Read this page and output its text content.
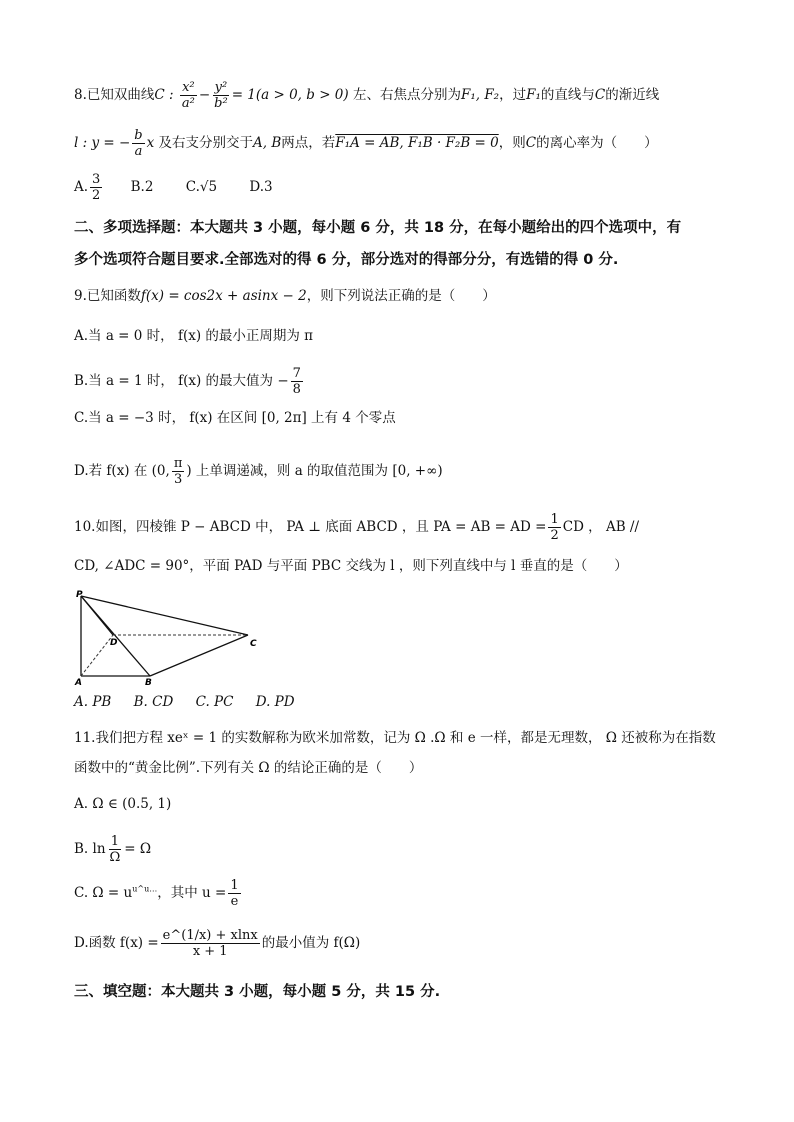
8.已知双曲线C : $\frac{\text{x²}}{\text{a²}} - \frac{\text{y²}}{\text{b²}} = 1(a > 0$, b > 0) 左、右焦点分别为F₁, F₂，过F₁的直线与C的渐近线
l : y = − $\frac{b}{a}$ x 及右支分别交于A, B两点，若F₁A = AB, F₁B · F₂B = 0，则C的离心率为（　　）
A. $\frac{3}{2} B.2$ C.√5 D.3
二、多项选择题：本大题共 3 小题，每小题 6 分，共 18 分，在每小题给出的四个选项中，有
多个选项符合题目要求.全部选对的得 6 分，部分选对的得部分分，有选错的得 0 分.
9.已知函数f(x) = cos2x + asinx − 2，则下列说法正确的是（　　）
A.当 a = 0 时， f(x) 的最小正周期为 π
B.当 a = 1 时， f(x) 的最大值为 − $\frac{7}{8}$
C.当 a = −3 时， f(x) 在区间 [0, 2π] 上有 4 个零点
D.若 f(x) 在 (0, $\frac{\pi}{3}$ ) 上单调递减，则 a 的取值范围为 [0, +∞)
10.如图，四棱锥 P − ABCD 中， PA ⊥ 底面 ABCD ，且 PA = AB = AD = $\frac{1}{2}$ CD ， AB //
CD, ∠ADC = 90°，平面 PAD 与平面 PBC 交线为 l ，则下列直线中与 l 垂直的是（　　）
P
D	C
A	B
A. PB B. CD C. PC D. PD
11.我们把方程 xeˣ = 1 的实数解称为欧米加常数，记为 Ω .Ω 和 e 一样，都是无理数， Ω 还被称为在指数
函数中的“黄金比例”.下列有关 Ω 的结论正确的是（　　）
A. Ω ∈ (0.5, 1)
B. $\ln \frac{1}{\Omega} = \Omega$
C. $\Omega = u^{u\^{}u\dots}$，其中 $u = \frac{1}{e}$
D.函数 $f(x) = \frac{e\^{}(1/x) + xlnx}{x + 1}$ 的最小值为 f(Ω)
三、填空题：本大题共 3 小题，每小题 5 分，共 15 分.
